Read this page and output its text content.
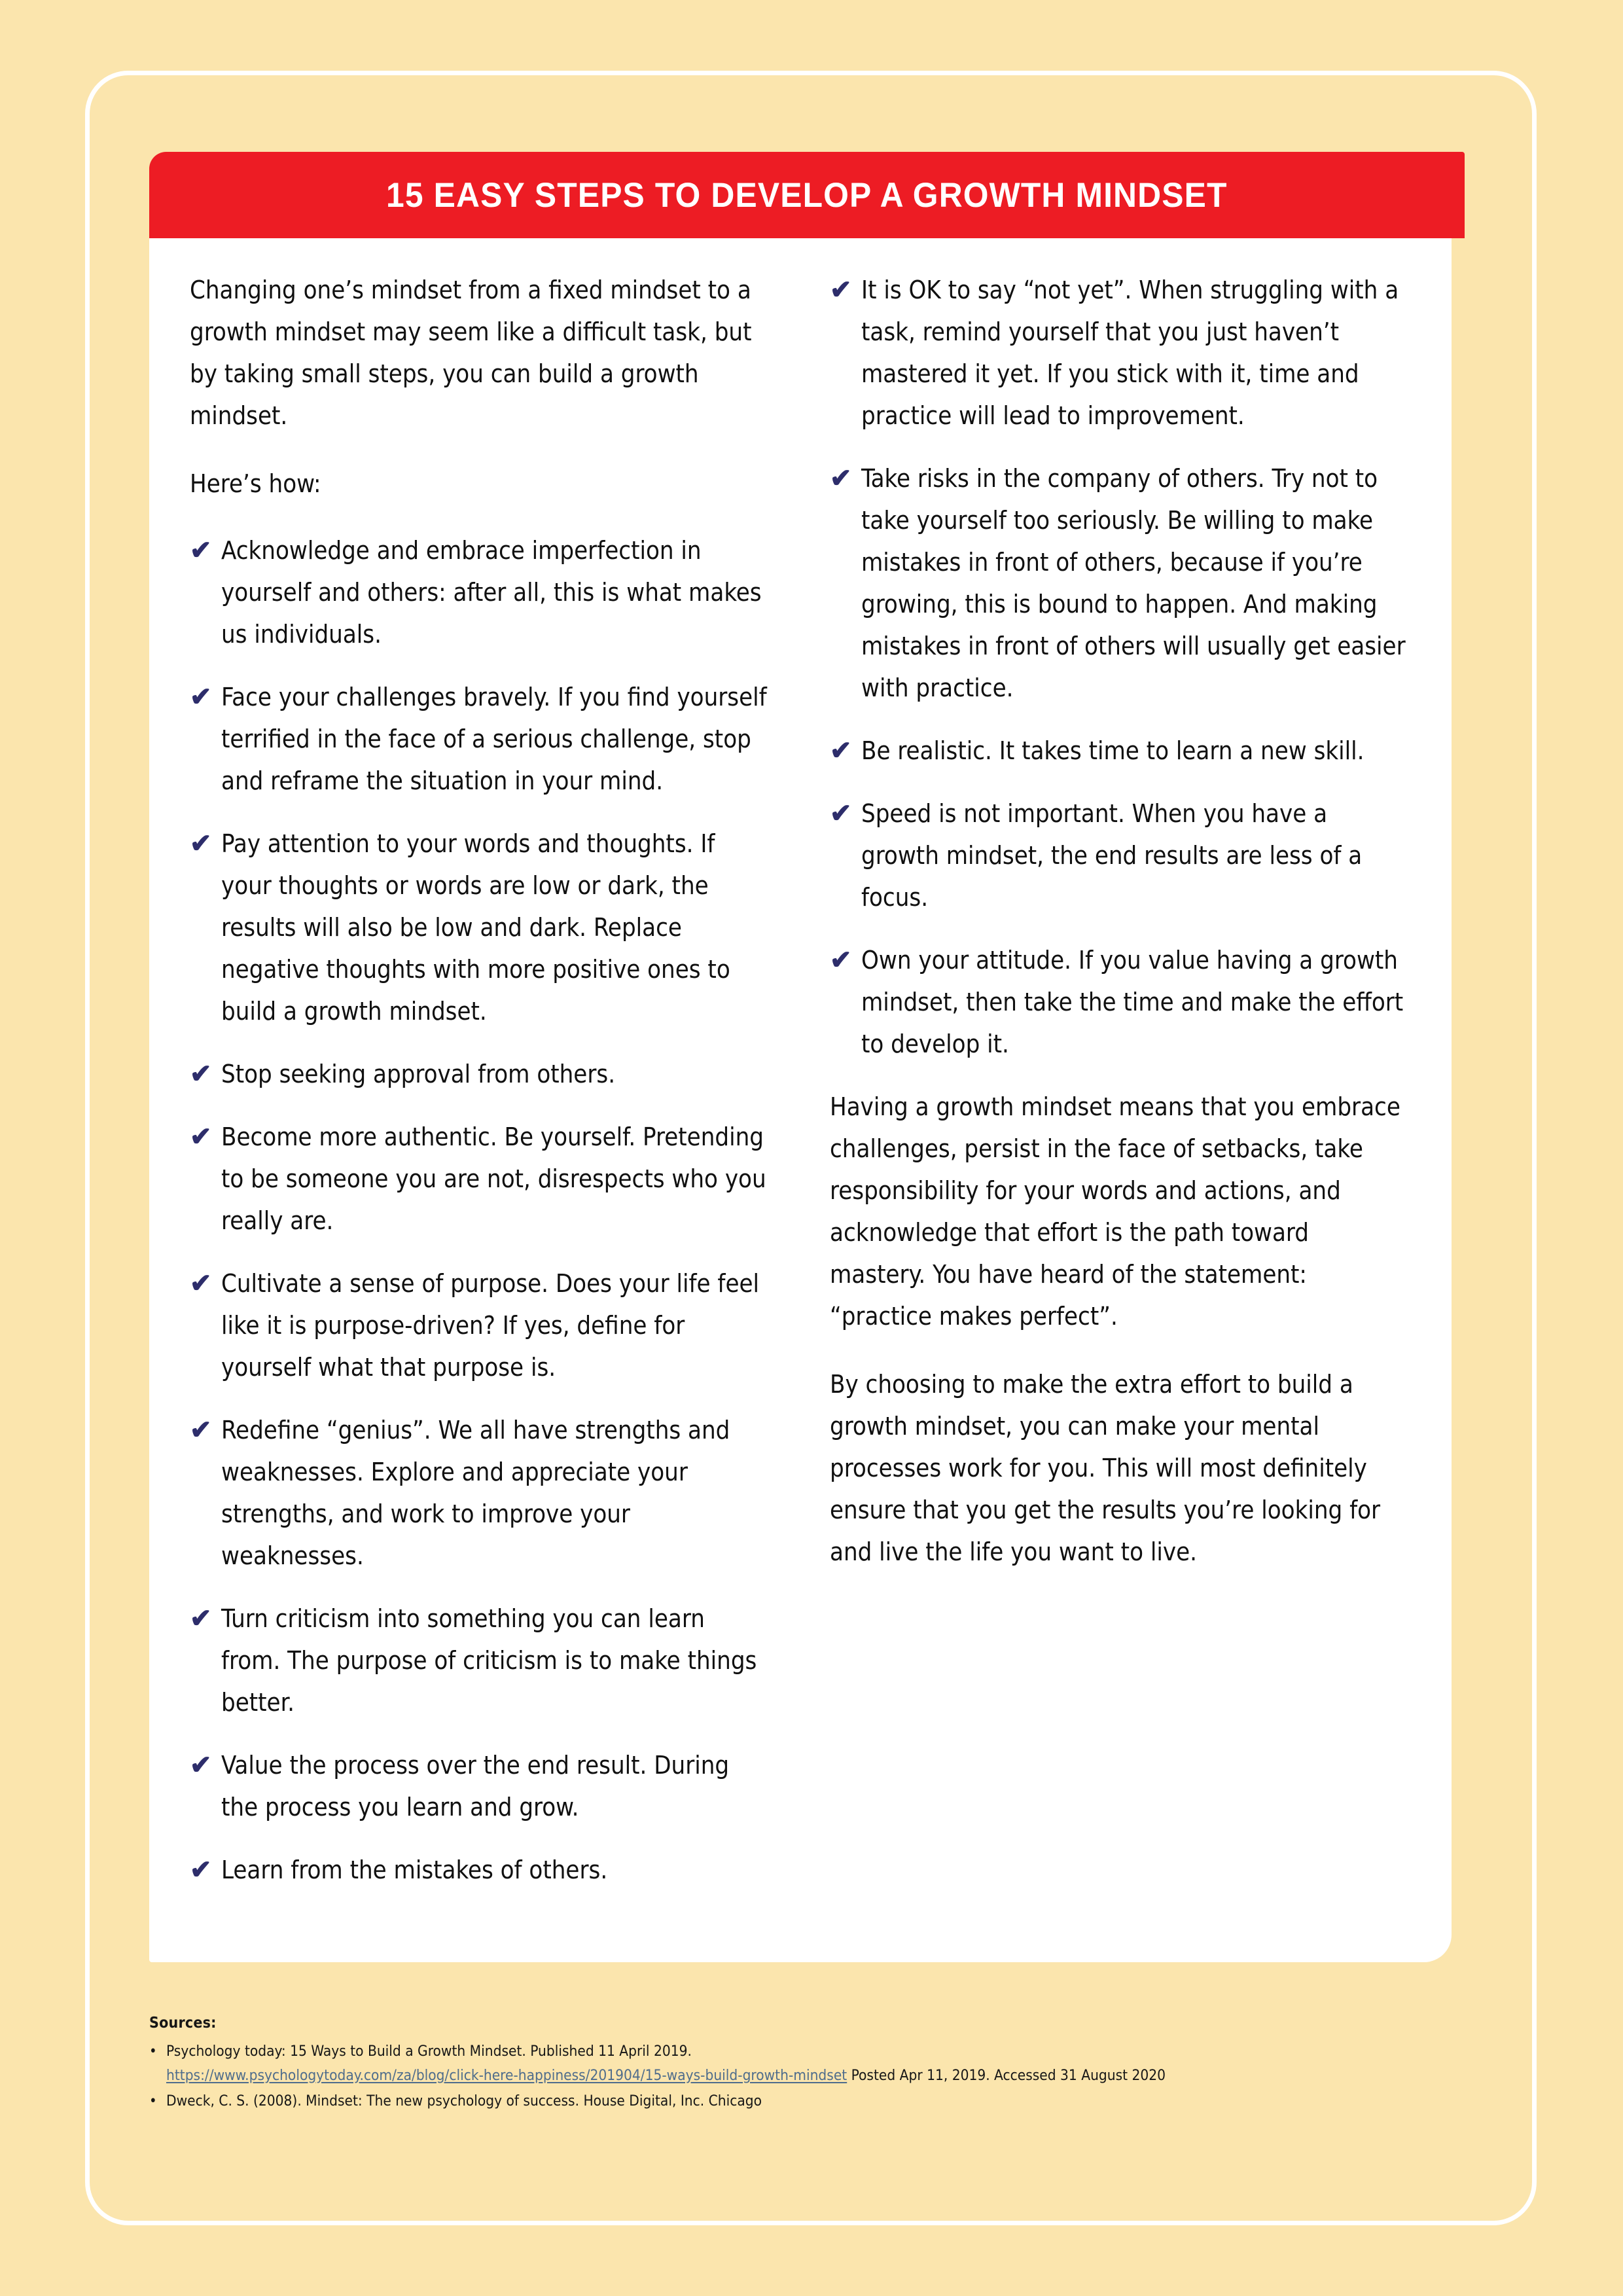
15 EASY STEPS TO DEVELOP A GROWTH MINDSET

Changing one’s mindset from a fixed mindset to a growth mindset may seem like a difficult task, but by taking small steps, you can build a growth mindset.

Here’s how:

✔ Acknowledge and embrace imperfection in yourself and others: after all, this is what makes us individuals.
✔ Face your challenges bravely. If you find yourself terrified in the face of a serious challenge, stop and reframe the situation in your mind.
✔ Pay attention to your words and thoughts. If your thoughts or words are low or dark, the results will also be low and dark. Replace negative thoughts with more positive ones to build a growth mindset.
✔ Stop seeking approval from others.
✔ Become more authentic. Be yourself. Pretending to be someone you are not, disrespects who you really are.
✔ Cultivate a sense of purpose. Does your life feel like it is purpose-driven? If yes, define for yourself what that purpose is.
✔ Redefine “genius”. We all have strengths and weaknesses. Explore and appreciate your strengths, and work to improve your weaknesses.
✔ Turn criticism into something you can learn from. The purpose of criticism is to make things better.
✔ Value the process over the end result. During the process you learn and grow.
✔ Learn from the mistakes of others.
✔ It is OK to say “not yet”. When struggling with a task, remind yourself that you just haven’t mastered it yet. If you stick with it, time and practice will lead to improvement.
✔ Take risks in the company of others. Try not to take yourself too seriously. Be willing to make mistakes in front of others, because if you’re growing, this is bound to happen. And making mistakes in front of others will usually get easier with practice.
✔ Be realistic. It takes time to learn a new skill.
✔ Speed is not important. When you have a growth mindset, the end results are less of a focus.
✔ Own your attitude. If you value having a growth mindset, then take the time and make the effort to develop it.

Having a growth mindset means that you embrace challenges, persist in the face of setbacks, take responsibility for your words and actions, and acknowledge that effort is the path toward mastery. You have heard of the statement: “practice makes perfect”.

By choosing to make the extra effort to build a growth mindset, you can make your mental processes work for you. This will most definitely ensure that you get the results you’re looking for and live the life you want to live.

Sources:
• Psychology today: 15 Ways to Build a Growth Mindset. Published 11 April 2019.
https://www.psychologytoday.com/za/blog/click-here-happiness/201904/15-ways-build-growth-mindset Posted Apr 11, 2019. Accessed 31 August 2020
• Dweck, C. S. (2008). Mindset: The new psychology of success. House Digital, Inc. Chicago
